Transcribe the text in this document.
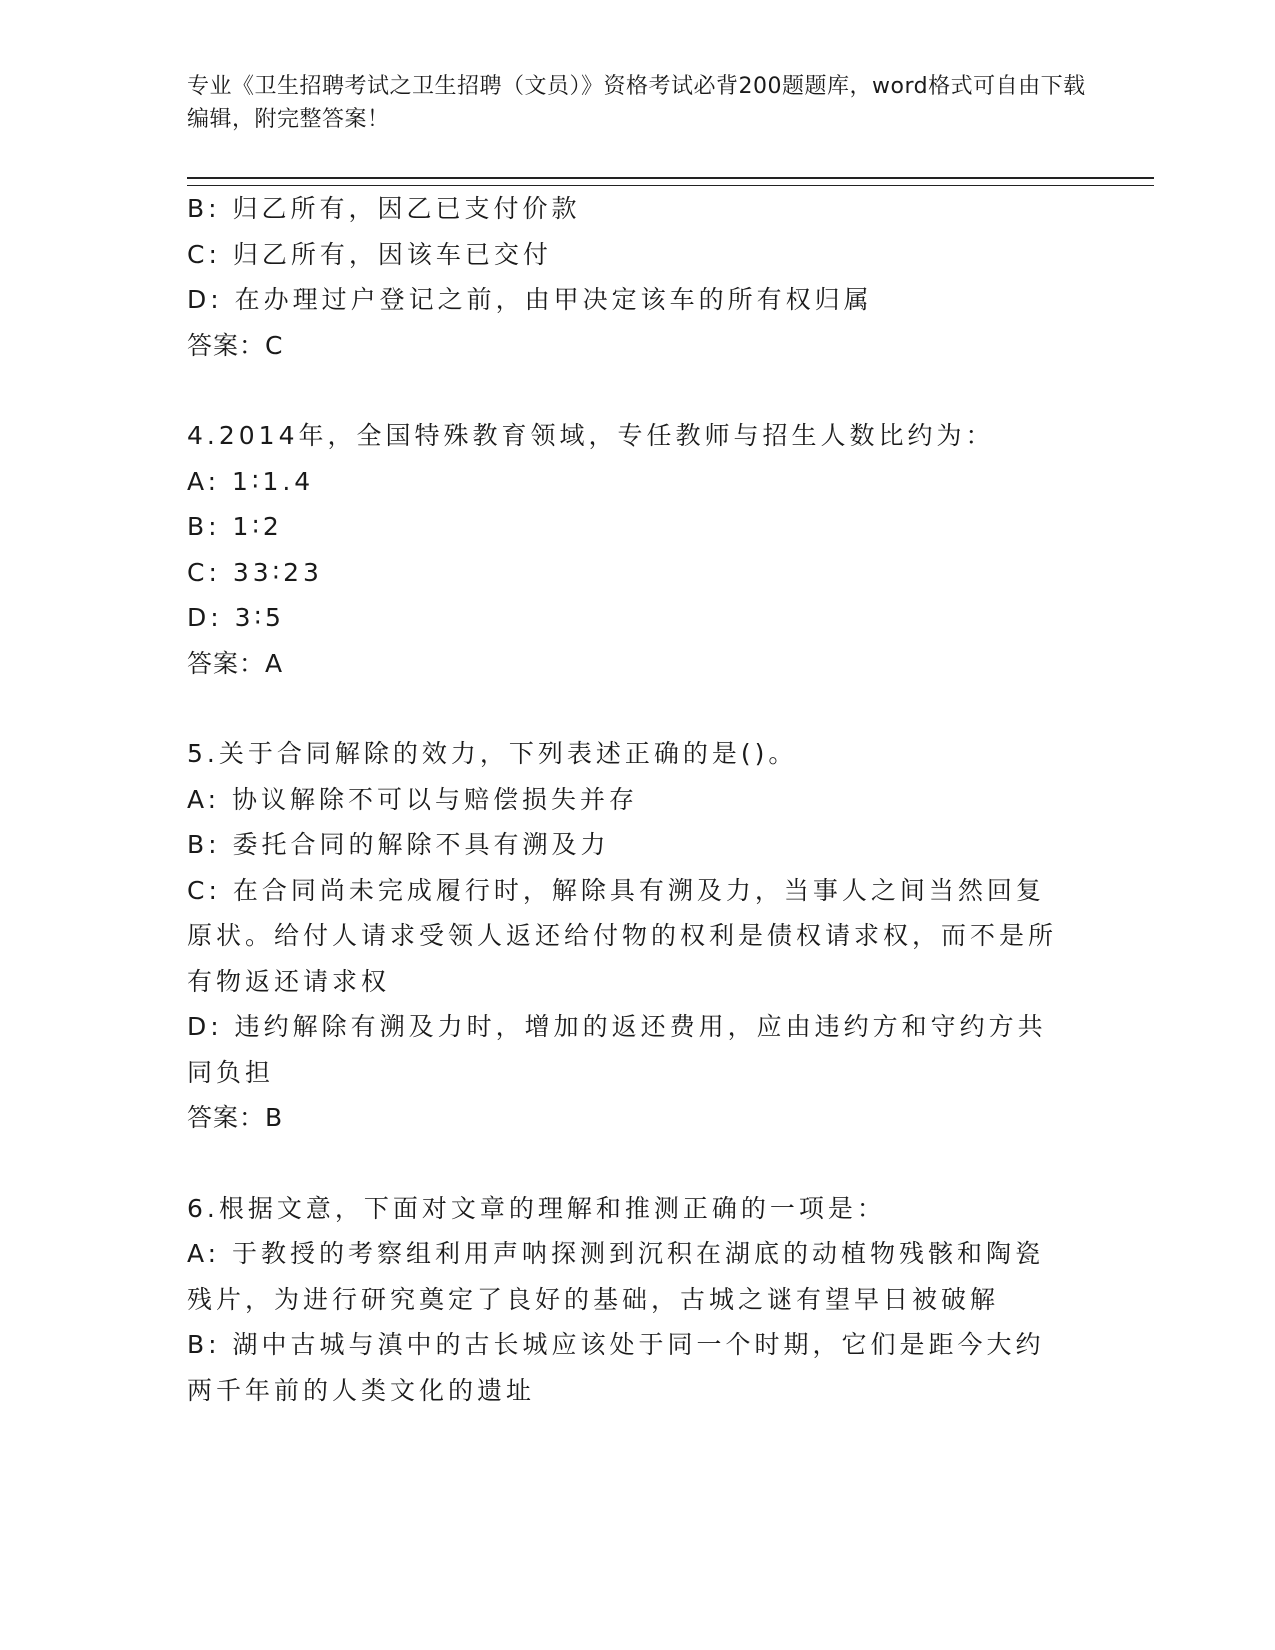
专业《卫生招聘考试之卫生招聘（文员）》资格考试必背200题题库，word格式可自由下载编辑，附完整答案！

B: 归乙所有，因乙已支付价款

C: 归乙所有，因该车已交付

D: 在办理过户登记之前，由甲决定该车的所有权归属

答案：C

4.2014年，全国特殊教育领域，专任教师与招生人数比约为：

A: 1∶1.4

B: 1∶2

C: 33∶23

D: 3∶5

答案：A

5.关于合同解除的效力，下列表述正确的是()。

A: 协议解除不可以与赔偿损失并存

B: 委托合同的解除不具有溯及力

C: 在合同尚未完成履行时，解除具有溯及力，当事人之间当然回复原状。给付人请求受领人返还给付物的权利是债权请求权，而不是所有物返还请求权

D: 违约解除有溯及力时，增加的返还费用，应由违约方和守约方共同负担

答案：B

6.根据文意，下面对文章的理解和推测正确的一项是：

A: 于教授的考察组利用声呐探测到沉积在湖底的动植物残骸和陶瓷残片，为进行研究奠定了良好的基础，古城之谜有望早日被破解

B: 湖中古城与滇中的古长城应该处于同一个时期，它们是距今大约两千年前的人类文化的遗址
